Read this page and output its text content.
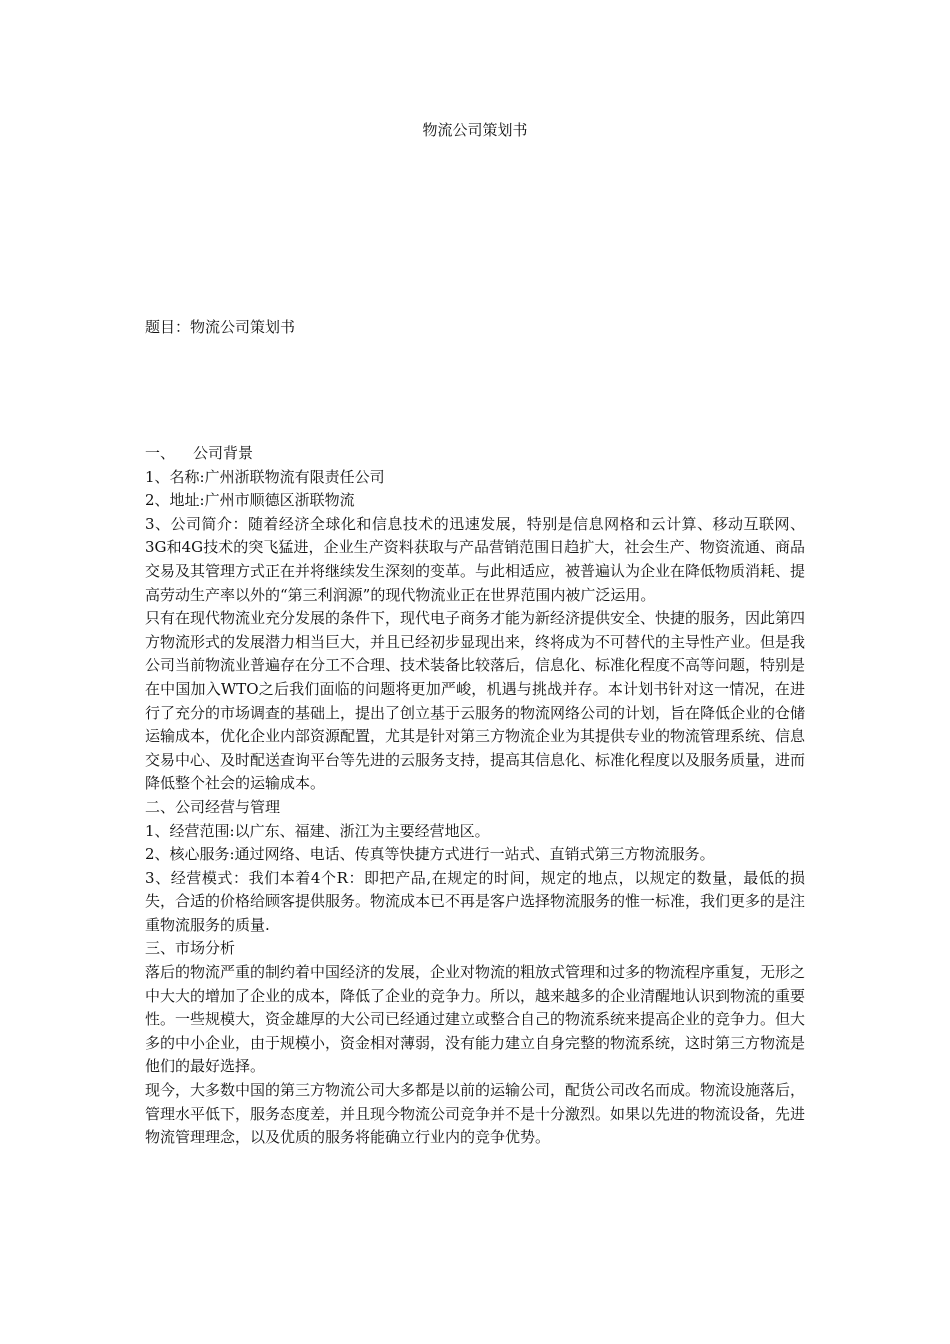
物流公司策划书
题目：物流公司策划书

一、 公司背景

1、名称:广州浙联物流有限责任公司

2、地址:广州市顺德区浙联物流

3、公司简介：随着经济全球化和信息技术的迅速发展，特别是信息网格和云计算、移动互联网、3G和4G技术的突飞猛进，企业生产资料获取与产品营销范围日趋扩大，社会生产、物资流通、商品交易及其管理方式正在并将继续发生深刻的变革。与此相适应，被普遍认为企业在降低物质消耗、提高劳动生产率以外的“第三利润源”的现代物流业正在世界范围内被广泛运用。

只有在现代物流业充分发展的条件下，现代电子商务才能为新经济提供安全、快捷的服务，因此第四方物流形式的发展潜力相当巨大，并且已经初步显现出来，终将成为不可替代的主导性产业。但是我公司当前物流业普遍存在分工不合理、技术装备比较落后，信息化、标准化程度不高等问题，特别是在中国加入WTO之后我们面临的问题将更加严峻，机遇与挑战并存。本计划书针对这一情况，在进行了充分的市场调查的基础上，提出了创立基于云服务的物流网络公司的计划，旨在降低企业的仓储运输成本，优化企业内部资源配置，尤其是针对第三方物流企业为其提供专业的物流管理系统、信息交易中心、及时配送查询平台等先进的云服务支持，提高其信息化、标准化程度以及服务质量，进而降低整个社会的运输成本。

二、公司经营与管理

1、经营范围:以广东、福建、浙江为主要经营地区。

2、核心服务:通过网络、电话、传真等快捷方式进行一站式、直销式第三方物流服务。

3、经营模式：我们本着4个R：即把产品,在规定的时间，规定的地点，以规定的数量，最低的损失，合适的价格给顾客提供服务。物流成本已不再是客户选择物流服务的惟一标准，我们更多的是注重物流服务的质量.

三、市场分析

落后的物流严重的制约着中国经济的发展，企业对物流的粗放式管理和过多的物流程序重复，无形之中大大的增加了企业的成本，降低了企业的竞争力。所以，越来越多的企业清醒地认识到物流的重要性。一些规模大，资金雄厚的大公司已经通过建立或整合自己的物流系统来提高企业的竞争力。但大多的中小企业，由于规模小，资金相对薄弱，没有能力建立自身完整的物流系统，这时第三方物流是他们的最好选择。

现今，大多数中国的第三方物流公司大多都是以前的运输公司，配货公司改名而成。物流设施落后，管理水平低下，服务态度差，并且现今物流公司竞争并不是十分激烈。如果以先进的物流设备，先进物流管理理念，以及优质的服务将能确立行业内的竞争优势。
